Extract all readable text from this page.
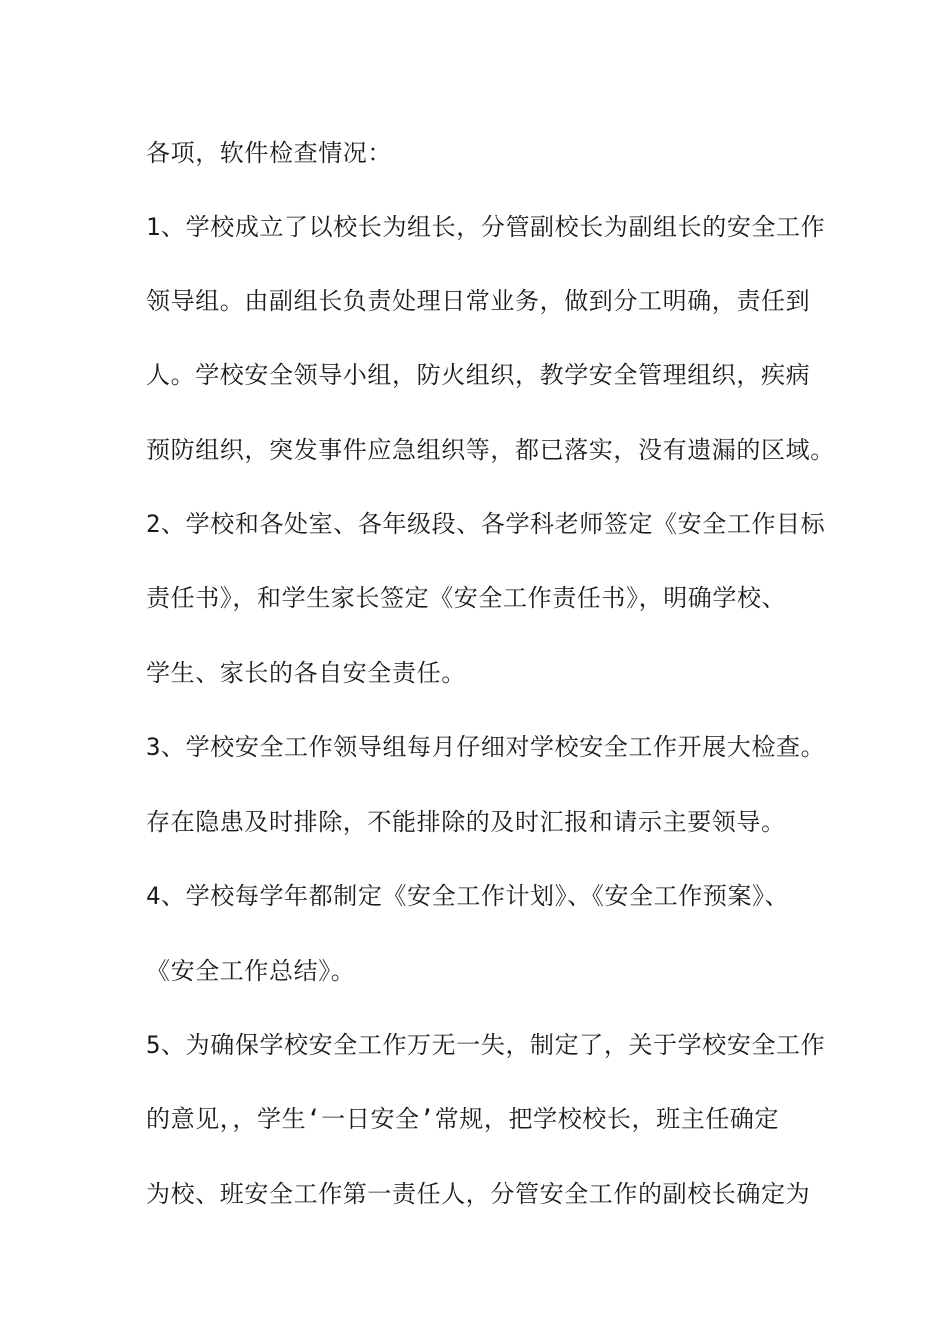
各项，软件检查情况：
1、学校成立了以校长为组长，分管副校长为副组长的安全工作
领导组。由副组长负责处理日常业务，做到分工明确，责任到
人。学校安全领导小组，防火组织，教学安全管理组织，疾病
预防组织，突发事件应急组织等，都已落实，没有遗漏的区域。
2、学校和各处室、各年级段、各学科老师签定《安全工作目标
责任书》，和学生家长签定《安全工作责任书》，明确学校、
学生、家长的各自安全责任。
3、学校安全工作领导组每月仔细对学校安全工作开展大检查。
存在隐患及时排除，不能排除的及时汇报和请示主要领导。
4、学校每学年都制定《安全工作计划》、《安全工作预案》、
《安全工作总结》。
5、为确保学校安全工作万无一失，制定了，关于学校安全工作
的意见，，学生‘一日安全’常规，把学校校长，班主任确定
为校、班安全工作第一责任人，分管安全工作的副校长确定为
